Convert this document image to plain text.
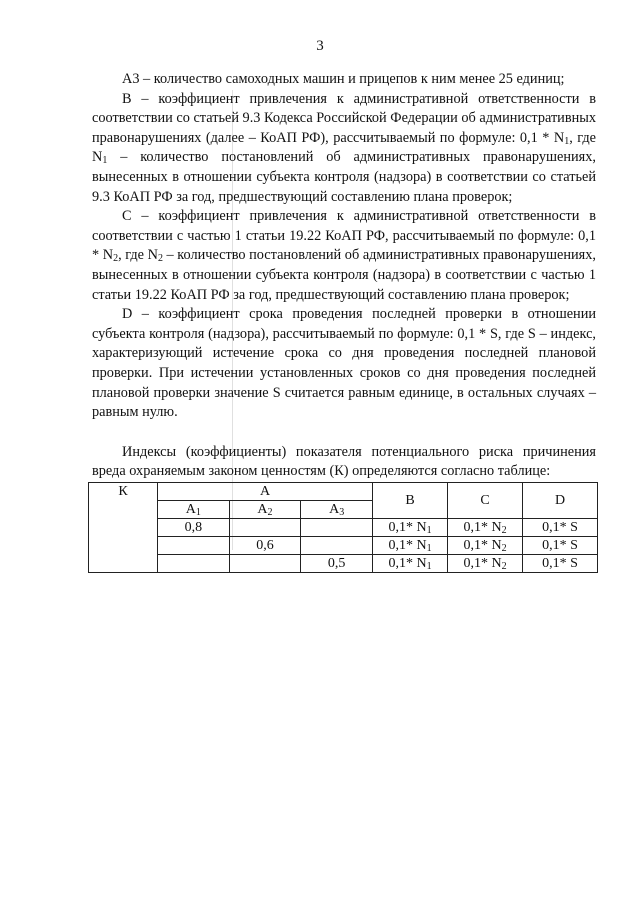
3

А3 – количество самоходных машин и прицепов к ним менее 25 единиц;

В – коэффициент привлечения к административной ответственности в соответствии со статьей 9.3 Кодекса Российской Федерации об административных правонарушениях (далее – КоАП РФ), рассчитываемый по формуле: $0,1 * N_1$, где $N_1$ – количество постановлений об административных правонарушениях, вынесенных в отношении субъекта контроля (надзора) в соответствии со статьей 9.3 КоАП РФ за год, предшествующий составлению плана проверок;

С – коэффициент привлечения к административной ответственности в соответствии с частью 1 статьи 19.22 КоАП РФ, рассчитываемый по формуле: $0,1 * N_2$, где $N_2$ – количество постановлений об административных правонарушениях, вынесенных в отношении субъекта контроля (надзора) в соответствии с частью 1 статьи 19.22 КоАП РФ за год, предшествующий составлению плана проверок;

D – коэффициент срока проведения последней проверки в отношении субъекта контроля (надзора), рассчитываемый по формуле: 0,1 * S, где S – индекс, характеризующий истечение срока со дня проведения последней плановой проверки. При истечении установленных сроков со дня проведения последней плановой проверки значение S считается равным единице, в остальных случаях – равным нулю.

Индексы (коэффициенты) показателя потенциального риска причинения вреда охраняемым законом ценностям (К) определяются согласно таблице:

К	А			В	С	D
	$А_1$	$А_2$	$А_3$
	0,8			0,1* $N_1$	0,1* $N_2$	0,1* S
		0,6		0,1* $N_1$	0,1* $N_2$	0,1* S
			0,5	0,1* $N_1$	0,1* $N_2$	0,1* S
